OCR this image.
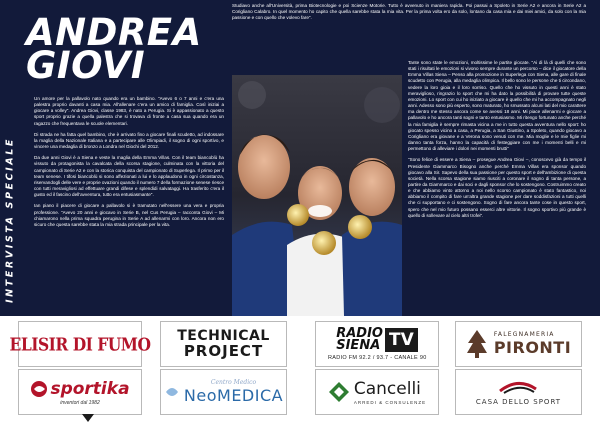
INTERVISTA SPECIALE
ANDREA
GIOVI

Un amore per la pallavolo nato quando era un bambino. "Avevo 6 o 7 anni e c'era una palestra proprio davanti a casa mia. All'allenare c'era un amico di famiglia. Così iniziai a giocare a volley". Andrea Giovi, classe 1983, è nato a Perugia. Si è appassionato a questo sport proprio grazie a quella palestra che si trovava di fronte a casa sua quando era un ragazzo che frequentava le scuole elementari.

Di strada ne ha fatta quel bambino, che è arrivato fino a giocare finali scudetto, ad indossare la maglia della Nazionale Italiana e a partecipare alle Olimpiadi, il sogno di ogni sportivo, e vincere una medaglia di bronzo a Londra nel Giochi del 2012.

Da due anni Giovi è a Siena e veste la maglia della Emma Villas. Con il team biancoblù ha vissuto da protagonista la cavalcata della scorsa stagione, culminata con la vittoria del campionato di Serie A2 e con la storica conquista del campionato di Superlega. Il primo per il team senese. I tifosi biancoblù si sono affezionati a lui e lo applaudono in ogni circostanza, riservandogli delle vere e proprie ovazioni quando il numero 7 della formazione senese riesce con tutti meravigliosi ad effettuare grandi difese e splendidi salvataggi. Ha trasferito c'era il gusto ed il fascino dell'avventura, tutto era entusiasmante".

Ian piano il piacere di giocare a pallavolo si è tramutato nell'essere una vera e propria professione. "Avevo 20 anni e giocavo in Serie B, nel Cus Perugia – racconta Giovi – Mi chiamarono nella prima squadra perugina in Serie A ad allenarmi con loro. Ancora non ero sicuro che questa sarebbe stata la mia strada principale per la vita.

Studiavo anche all'Università, prima Biotecnologie e poi Scienze Motorie. Tutto è avvenuto in maniera rapida. Poi passai a Spoleto in Serie A2 e ancora in Serie A2 a Corigliano Calabro. In quel momento ho capito che quella sarebbe stata la mia vita. Per la prima volta ero da solo, lontano da casa mia e dai miei amici, da solo con la mia passione e con quello che volevo fare".

Tante sono state le emozioni, moltissime le partite giocate. "Ai di là di quelli che sono stati i risultati le emozioni si vivono sempre durante un percorso – dice il giocatore della Emma Villas Siena – Penso alla promozione in Superlega con Siena, alle gare di finale scudetto con Perugia, alla medaglia olimpica. Il bello sono le persone che ti circondano, vedere la loro gioia e il loro sorriso. Quello che ho vissuto in questi anni è stato meraviglioso, ringrazio lo sport che mi ha dato la possibilità di provare tutte queste emozioni. Lo sport con cui ho iniziato a giocare è quello che mi ha accompagnato negli anni. Adesso sono più esperto, sono maturato, ho smussato alcuni lati del mio carattere ma dentro me stesso ancora come se avessi 18 anni. Mi piace allenarmi e giocare a pallavolo e ho ancora tanti sogni e tanto entusiasmo. Mi ritengo fortunato anche perché la mia famiglia è sempre rimasta vicina a me in tutto questa avventura nello sport: ho giocato spesso vicino a casa, a Perugia, a San Giustino, a Spoleto, quando giocavo a Corigliano era giovane e a Verona sono venuti con me. Mia moglie e le mie figlie mi danno tanta forza, hanno la capacità di festeggiare con me i momenti belli e mi permettono di alleviare i dolori nei momenti brutti"

"Sono felice di essere a Siena – prosegue Andrea Giovi –, conoscevo già da tempo il Presidente Giammarco Bisogno anche perché Emma Villas era sponsor quando giocavo alla Sir. Sapevo della sua passione per questo sport e dell'ambizione di questa società. Nella scorsa stagione siamo riusciti a coronare il sogno di tanta persone, a partire da Giammarco e dai soci e dagli sponsor che lo sostengono. Costruimmo creato e che abbiamo vinto attorno a noi nello scorso campionato è stato fantastico, noi abbiamo il compito di fare un'altra grande stagione per dare soddisfazioni a tutti quelli che ci supportano e ci sostengono. Sogno di fare ancora tante cose in questo sport, spero che nel mio futuro possano esserci altre vittorie. Il sogno sportivo più grande è quello di sollevare al cielo altri trofei".

ELISIR DI FUMO TECHNICAL
PROJECT
RADIO
SIENA TV
RADIO FM 92.2 / 93.7 - CANALE 90
FALEGNAMERIA
PIRONTI
sportika
inventori dal 1982
Centro Medico
NeoMEDICA	Cancelli
ARREDI & CONSULENZE	CASA DELLO SPORT
